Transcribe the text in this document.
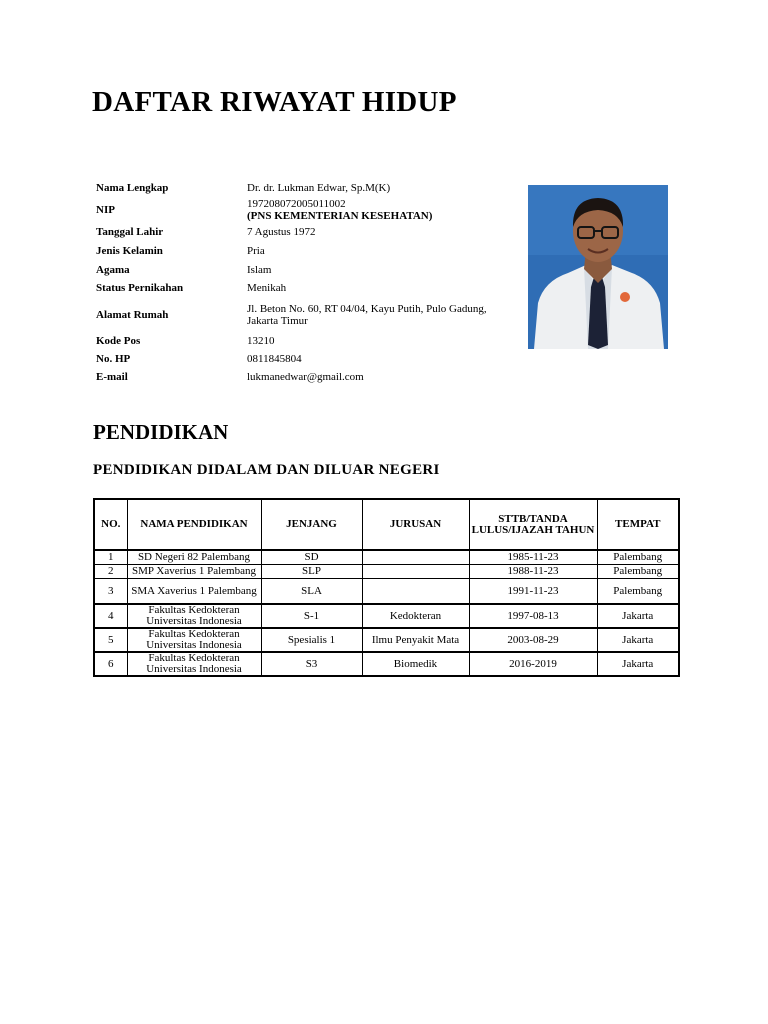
DAFTAR RIWAYAT HIDUP
Nama Lengkap	Dr. dr. Lukman Edwar, Sp.M(K)
NIP	197208072005011002
(PNS KEMENTERIAN KESEHATAN)

Tanggal Lahir	7 Agustus 1972
Jenis Kelamin	Pria
Agama	Islam
Status Pernikahan	Menikah
Alamat Rumah	Jl. Beton No. 60, RT 04/04, Kayu Putih, Pulo Gadung, Jakarta Timur
Kode Pos	13210
No. HP	0811845804
E-mail	lukmanedwar@gmail.com
PENDIDIKAN
PENDIDIKAN DIDALAM DAN DILUAR NEGERI
NO.	NAMA PENDIDIKAN	JENJANG	JURUSAN	STTB/TANDA LULUS/IJAZAH TAHUN	TEMPAT
1	SD Negeri 82 Palembang	SD		1985-11-23	Palembang
2	SMP Xaverius 1 Palembang	SLP		1988-11-23	Palembang
3	SMA Xaverius 1 Palembang	SLA		1991-11-23	Palembang
4	Fakultas Kedokteran Universitas Indonesia	S-1	Kedokteran	1997-08-13	Jakarta
5	Fakultas Kedokteran Universitas Indonesia	Spesialis 1	Ilmu Penyakit Mata	2003-08-29	Jakarta
6	Fakultas Kedokteran Universitas Indonesia	S3	Biomedik	2016-2019	Jakarta
